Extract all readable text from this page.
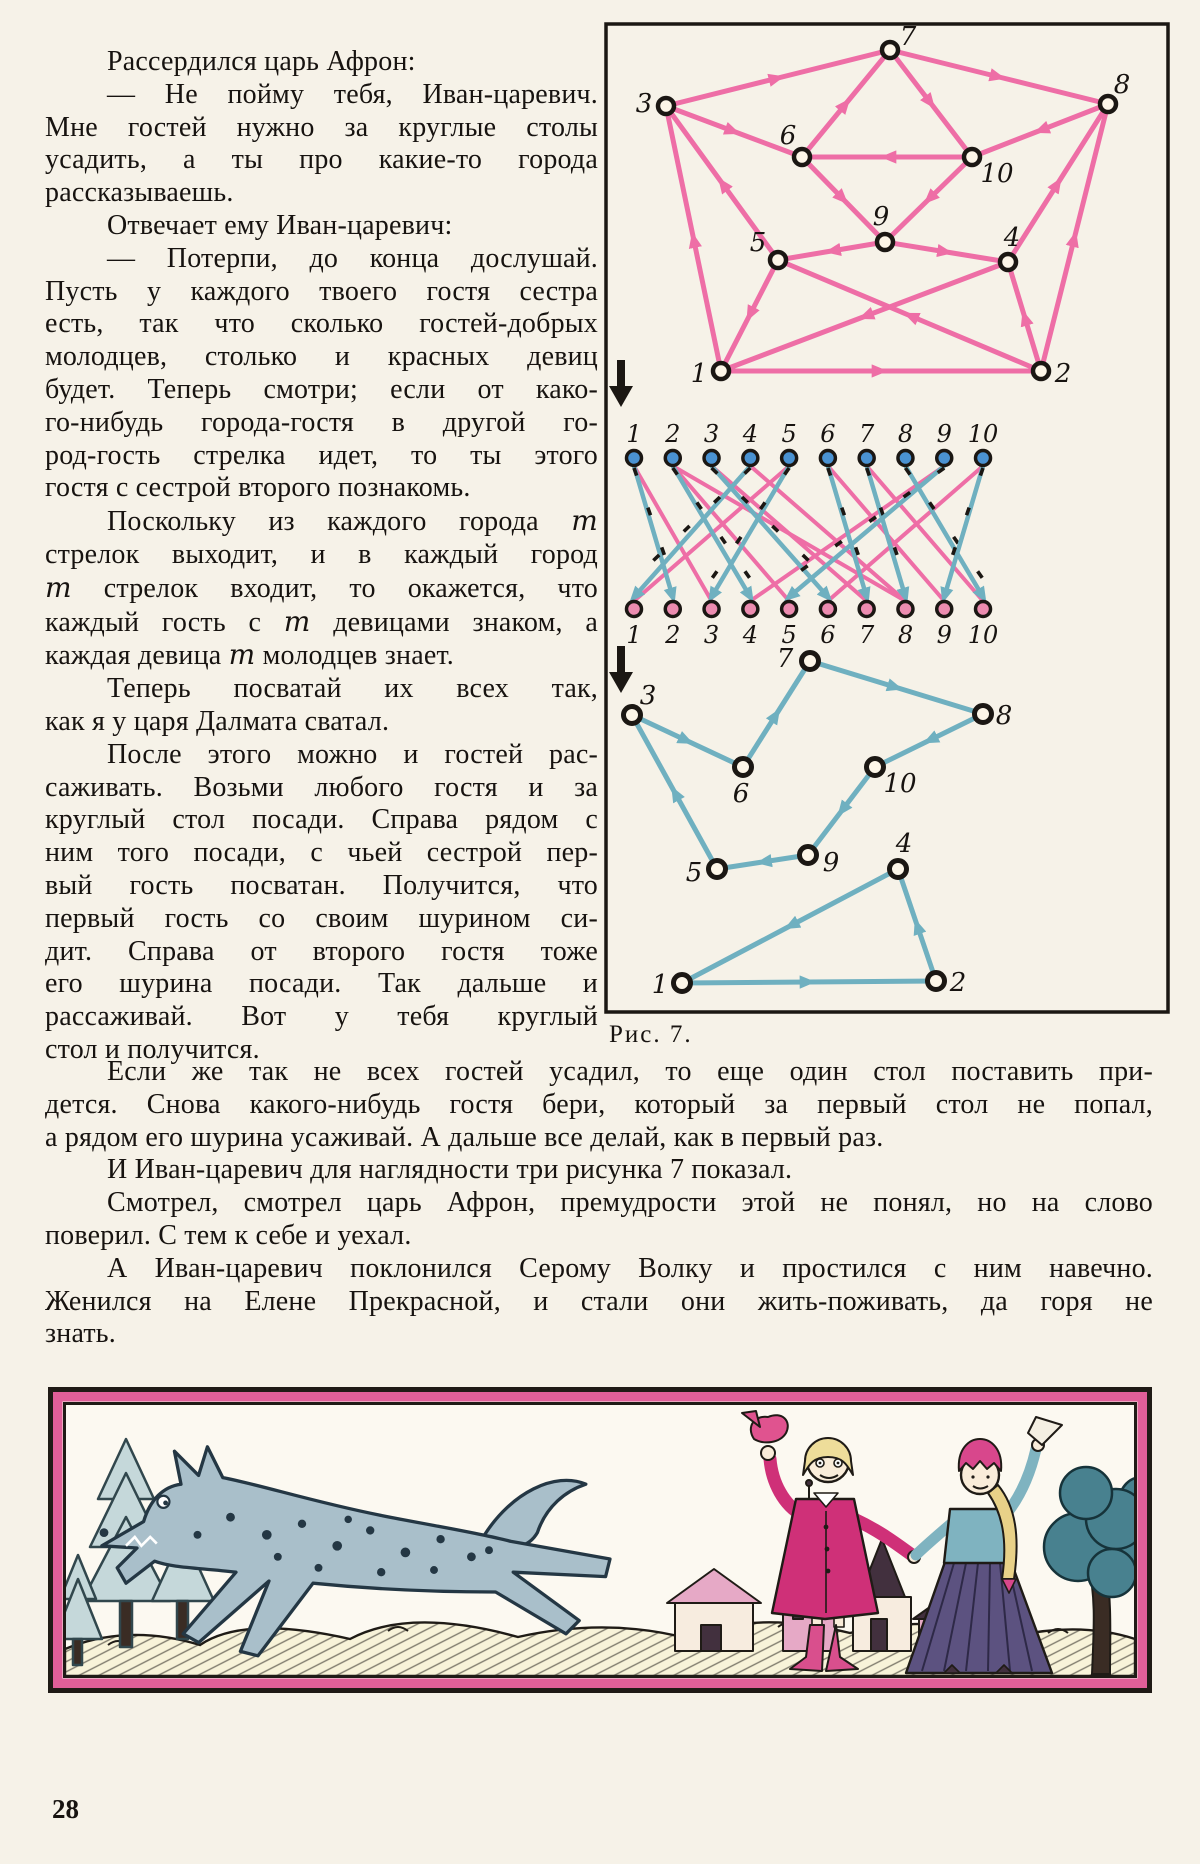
Рассердился царь Афрон:
— Не пойму тебя, Иван-царевич.
Мне гостей нужно за круглые столы
усадить, а ты про какие-то города
рассказываешь.
Отвечает ему Иван-царевич:
— Потерпи, до конца дослушай.
Пусть у каждого твоего гостя сестра
есть, так что сколько гостей-добрых
молодцев, столько и красных девиц
будет. Теперь смотри; если от како-
го-нибудь города-гостя в другой го-
род-гость стрелка идет, то ты этого
гостя с сестрой второго познакомь.
Поскольку из каждого города m
стрелок выходит, и в каждый город
m стрелок входит, то окажется, что
каждый гость с m девицами знаком, а
каждая девица m молодцев знает.
Теперь посватай их всех так,
как я у царя Далмата сватал.
После этого можно и гостей рас-
саживать. Возьми любого гостя и за
круглый стол посади. Справа рядом с
ним того посади, с чьей сестрой пер-
вый гость посватан. Получится, что
первый гость со своим шурином си-
дит. Справа от второго гостя тоже
его шурина посади. Так дальше и
рассаживай. Вот у тебя круглый
стол и получится.
Если же так не всех гостей усадил, то еще один стол поставить при-
дется. Снова какого-нибудь гостя бери, который за первый стол не попал,
а рядом его шурина усаживай. А дальше все делай, как в первый раз.
И Иван-царевич для наглядности три рисунка 7 показал.
Смотрел, смотрел царь Афрон, премудрости этой не понял, но на слово
поверил. С тем к себе и уехал.
А Иван-царевич поклонился Серому Волку и простился с ним навечно.
Женился на Елене Прекрасной, и стали они жить-поживать, да горя не
знать.
1	2
3
4
5
6
7
8
9
10
1
1
2
2
3
3
4
4
5
5
6
6
7
7
8
8
9
9
10
10
1	2
3
4
5
6
7
8
9
10
Рис. 7.
28
